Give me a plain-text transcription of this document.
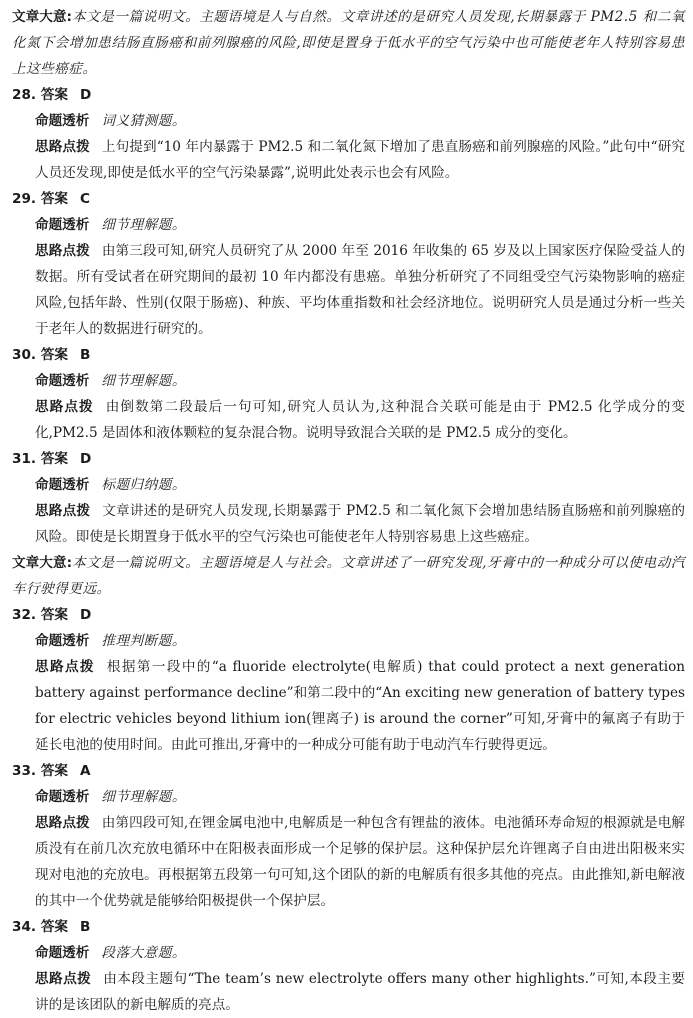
文章大意:本文是一篇说明文。主题语境是人与自然。文章讲述的是研究人员发现,长期暴露于 PM2.5 和二氧化氮下会增加患结肠直肠癌和前列腺癌的风险,即使是置身于低水平的空气污染中也可能使老年人特别容易患上这些癌症。
28. 答案 D
命题透析 词义猜测题。
思路点拨 上句提到“10 年内暴露于 PM2.5 和二氧化氮下增加了患直肠癌和前列腺癌的风险。”此句中“研究人员还发现,即使是低水平的空气污染暴露”,说明此处表示也会有风险。
29. 答案 C
命题透析 细节理解题。
思路点拨 由第三段可知,研究人员研究了从 2000 年至 2016 年收集的 65 岁及以上国家医疗保险受益人的数据。所有受试者在研究期间的最初 10 年内都没有患癌。单独分析研究了不同组受空气污染物影响的癌症风险,包括年龄、性别(仅限于肠癌)、种族、平均体重指数和社会经济地位。说明研究人员是通过分析一些关于老年人的数据进行研究的。
30. 答案 B
命题透析 细节理解题。
思路点拨 由倒数第二段最后一句可知,研究人员认为,这种混合关联可能是由于 PM2.5 化学成分的变化,PM2.5 是固体和液体颗粒的复杂混合物。说明导致混合关联的是 PM2.5 成分的变化。
31. 答案 D
命题透析 标题归纳题。
思路点拨 文章讲述的是研究人员发现,长期暴露于 PM2.5 和二氧化氮下会增加患结肠直肠癌和前列腺癌的风险。即使是长期置身于低水平的空气污染也可能使老年人特别容易患上这些癌症。
文章大意:本文是一篇说明文。主题语境是人与社会。文章讲述了一研究发现,牙膏中的一种成分可以使电动汽车行驶得更远。
32. 答案 D
命题透析 推理判断题。
思路点拨 根据第一段中的“a fluoride electrolyte(电解质) that could protect a next generation battery against performance decline”和第二段中的“An exciting new generation of battery types for electric vehicles beyond lithium ion(锂离子) is around the corner”可知,牙膏中的氟离子有助于延长电池的使用时间。由此可推出,牙膏中的一种成分可能有助于电动汽车行驶得更远。
33. 答案 A
命题透析 细节理解题。
思路点拨 由第四段可知,在锂金属电池中,电解质是一种包含有锂盐的液体。电池循环寿命短的根源就是电解质没有在前几次充放电循环中在阳极表面形成一个足够的保护层。这种保护层允许锂离子自由进出阳极来实现对电池的充放电。再根据第五段第一句可知,这个团队的新的电解质有很多其他的亮点。由此推知,新电解液的其中一个优势就是能够给阳极提供一个保护层。
34. 答案 B
命题透析 段落大意题。
思路点拨 由本段主题句“The team’s new electrolyte offers many other highlights.”可知,本段主要讲的是该团队的新电解质的亮点。
